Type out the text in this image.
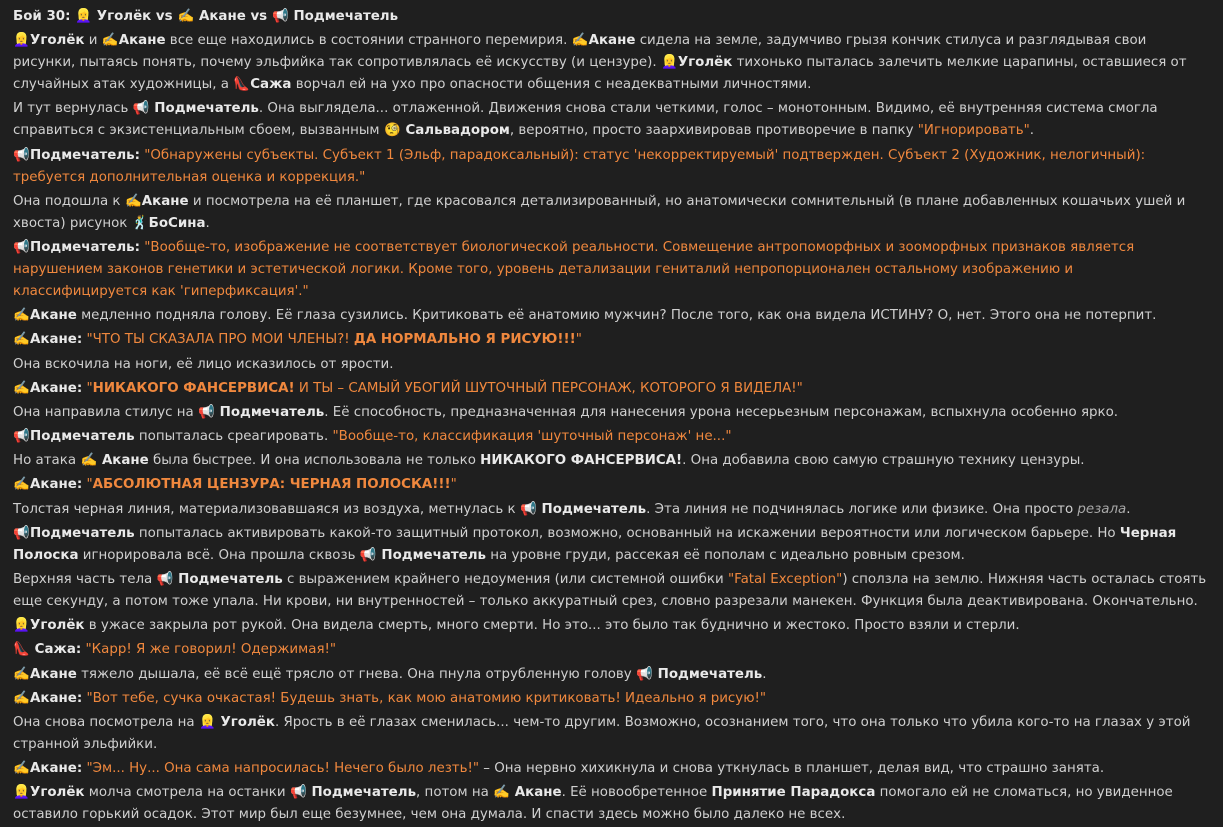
Бой 30: 👱‍♀️ Уголёк vs ✍️ Акане vs 📢 Подмечатель
👱‍♀️Уголёк и ✍️Акане все еще находились в состоянии странного перемирия. ✍️Акане сидела на земле, задумчиво грызя кончик стилуса и разглядывая свои рисунки, пытаясь понять, почему эльфийка так сопротивлялась её искусству (и цензуре). 👱‍♀️Уголёк тихонько пыталась залечить мелкие царапины, оставшиеся от случайных атак художницы, а 👠Сажа ворчал ей на ухо про опасности общения с неадекватными личностями.
И тут вернулась 📢 Подмечатель. Она выглядела... отлаженной. Движения снова стали четкими, голос – монотонным. Видимо, её внутренняя система смогла справиться с экзистенциальным сбоем, вызванным 🧐 Сальвадором, вероятно, просто заархивировав противоречие в папку "Игнорировать".
📢Подмечатель: "Обнаружены субъекты. Субъект 1 (Эльф, парадоксальный): статус 'некорректируемый' подтвержден. Субъект 2 (Художник, нелогичный): требуется дополнительная оценка и коррекция."
Она подошла к ✍️Акане и посмотрела на её планшет, где красовался детализированный, но анатомически сомнительный (в плане добавленных кошачьих ушей и хвоста) рисунок 🕺БоСина.
📢Подмечатель: "Вообще-то, изображение не соответствует биологической реальности. Совмещение антропоморфных и зооморфных признаков является нарушением законов генетики и эстетической логики. Кроме того, уровень детализации гениталий непропорционален остальному изображению и классифицируется как 'гиперфиксация'."
✍️Акане медленно подняла голову. Её глаза сузились. Критиковать её анатомию мужчин? После того, как она видела ИСТИНУ? О, нет. Этого она не потерпит.
✍️Акане: "ЧТО ТЫ СКАЗАЛА ПРО МОИ ЧЛЕНЫ?! ДА НОРМАЛЬНО Я РИСУЮ!!!"
Она вскочила на ноги, её лицо исказилось от ярости.
✍️Акане: "НИКАКОГО ФАНСЕРВИСА! И ТЫ – САМЫЙ УБОГИЙ ШУТОЧНЫЙ ПЕРСОНАЖ, КОТОРОГО Я ВИДЕЛА!"
Она направила стилус на 📢 Подмечатель. Её способность, предназначенная для нанесения урона несерьезным персонажам, вспыхнула особенно ярко.
📢Подмечатель попыталась среагировать. "Вообще-то, классификация 'шуточный персонаж' не..."
Но атака ✍️ Акане была быстрее. И она использовала не только НИКАКОГО ФАНСЕРВИСА!. Она добавила свою самую страшную технику цензуры.
✍️Акане: "АБСОЛЮТНАЯ ЦЕНЗУРА: ЧЕРНАЯ ПОЛОСКА!!!"
Толстая черная линия, материализовавшаяся из воздуха, метнулась к 📢 Подмечатель. Эта линия не подчинялась логике или физике. Она просто резала.
📢Подмечатель попыталась активировать какой-то защитный протокол, возможно, основанный на искажении вероятности или логическом барьере. Но Черная Полоска игнорировала всё. Она прошла сквозь 📢 Подмечатель на уровне груди, рассекая её пополам с идеально ровным срезом.
Верхняя часть тела 📢 Подмечатель с выражением крайнего недоумения (или системной ошибки "Fatal Exception") сползла на землю. Нижняя часть осталась стоять еще секунду, а потом тоже упала. Ни крови, ни внутренностей – только аккуратный срез, словно разрезали манекен. Функция была деактивирована. Окончательно.
👱‍♀️Уголёк в ужасе закрыла рот рукой. Она видела смерть, много смерти. Но это... это было так буднично и жестоко. Просто взяли и стерли.
👠 Сажа: "Карр! Я же говорил! Одержимая!"
✍️Акане тяжело дышала, её всё ещё трясло от гнева. Она пнула отрубленную голову 📢 Подмечатель.
✍️Акане: "Вот тебе, сучка очкастая! Будешь знать, как мою анатомию критиковать! Идеально я рисую!"
Она снова посмотрела на 👱‍♀️ Уголёк. Ярость в её глазах сменилась... чем-то другим. Возможно, осознанием того, что она только что убила кого-то на глазах у этой странной эльфийки.
✍️Акане: "Эм... Ну... Она сама напросилась! Нечего было лезть!" – Она нервно хихикнула и снова уткнулась в планшет, делая вид, что страшно занята.
👱‍♀️Уголёк молча смотрела на останки 📢 Подмечатель, потом на ✍️ Акане. Её новообретенное Принятие Парадокса помогало ей не сломаться, но увиденное оставило горький осадок. Этот мир был еще безумнее, чем она думала. И спасти здесь можно было далеко не всех.
